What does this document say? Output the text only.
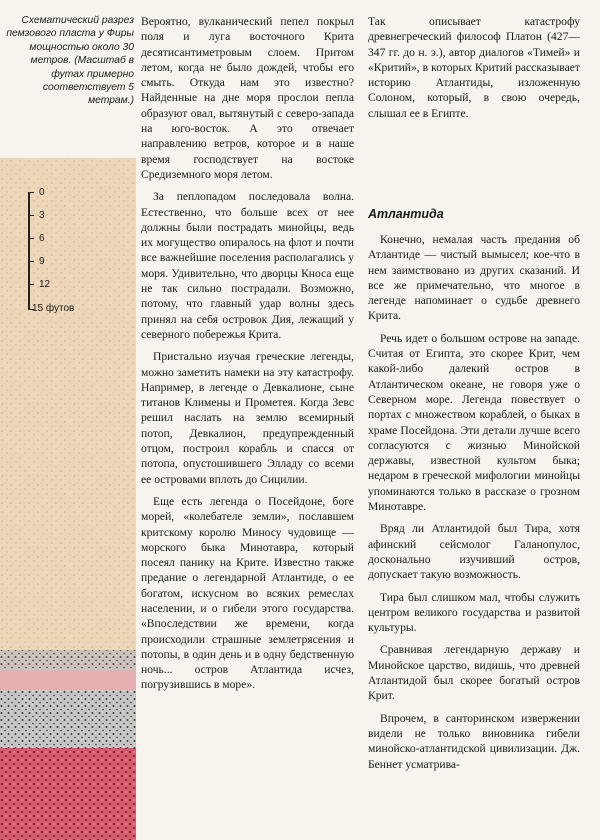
Схематический разрез пемзового пласта у Фиры мощностью около 30 метров. (Масштаб в футах примерно соответствует 5 метрам.)

0
3
6
9
12
15 футов

Вероятно, вулканический пепел покрыл поля и луга восточного Крита десятисантиметровым слоем. Притом летом, когда не было дождей, чтобы его смыть. Откуда нам это известно? Найденные на дне моря прослои пепла образуют овал, вытянутый с северо-запада на юго-восток. А это отвечает направлению ветров, которое и в наше время господствует на востоке Средиземного моря летом.

За пеплопадом последовала волна. Естественно, что больше всех от нее должны были пострадать минойцы, ведь их могущество опиралось на флот и почти все важнейшие поселения располагались у моря. Удивительно, что дворцы Кноса еще не так сильно пострадали. Возможно, потому, что главный удар волны здесь принял на себя островок Дия, лежащий у северного побережья Крита.

Пристально изучая греческие легенды, можно заметить намеки на эту катастрофу. Например, в легенде о Девкалионе, сыне титанов Климены и Прометея. Когда Зевс решил наслать на землю всемирный потоп, Девкалион, предупрежденный отцом, построил корабль и спасся от потопа, опустошившего Элладу со всеми ее островами вплоть до Сицилии.

Еще есть легенда о Посейдоне, боге морей, «колебателе земли», пославшем критскому королю Миносу чудовище — морского быка Минотавра, который посеял панику на Крите. Известно также предание о легендарной Атлантиде, о ее богатом, искусном во всяких ремеслах населении, и о гибели этого государства. «Впоследствии же времени, когда происходили страшные землетрясения и потопы, в один день и в одну бедственную ночь... остров Атлантида исчез, погрузившись в море».

Так описывает катастрофу древнегреческий философ Платон (427—347 гг. до н. э.), автор диалогов «Тимей» и «Критий», в которых Критий рассказывает историю Атлантиды, изложенную Солоном, который, в свою очередь, слышал ее в Египте.

Атлантида

Конечно, немалая часть предания об Атлантиде — чистый вымысел; кое-что в нем заимствовано из других сказаний. И все же примечательно, что многое в легенде напоминает о судьбе древнего Крита.

Речь идет о большом острове на западе. Считая от Египта, это скорее Крит, чем какой-либо далекий остров в Атлантическом океане, не говоря уже о Северном море. Легенда повествует о портах с множеством кораблей, о быках в храме Посейдона. Эти детали лучше всего согласуются с жизнью Минойской державы, известной культом быка; недаром в греческой мифологии минойцы упоминаются только в рассказе о грозном Минотавре.

Вряд ли Атлантидой был Тира, хотя афинский сейсмолог Галанопулос, досконально изучивший остров, допускает такую возможность.

Тира был слишком мал, чтобы служить центром великого государства и развитой культуры.

Сравнивая легендарную державу и Минойское царство, видишь, что древней Атлантидой был скорее богатый остров Крит.

Впрочем, в санторинском извержении видели не только виновника гибели минойско-атлантидской цивилизации. Дж. Беннет усматрива-
